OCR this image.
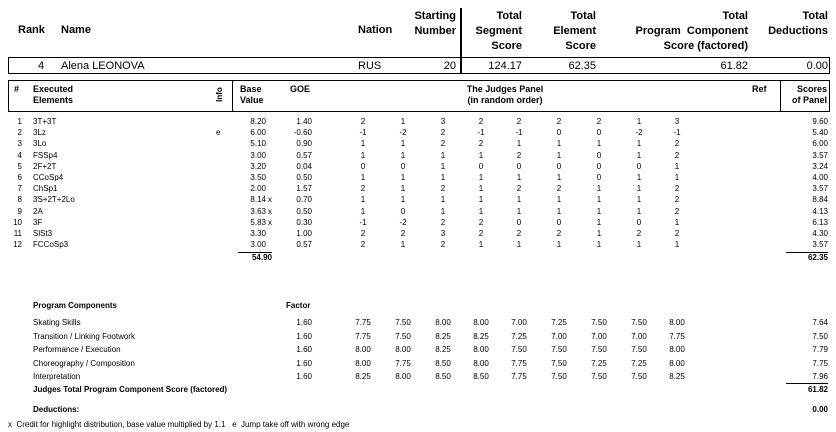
Rank Name	Nation
Starting
Number
Total
Segment
Score
Total
Element
Score
Total
Program  Component
Score (factored)
Total
Deductions
4 Alena LEONOVA	RUS	20	124.17	62.35	61.82	0.00
# Executed
Elements	Info Base
Value
GOE	The Judges Panel
(in random order)
Ref	Scores
of Panel
1 3T+3T	8.20	1.40	2	1	3	2	2	2	2	1	3	9.60
2 3Lz	e	6.00	-0.60	-1	-2	2	-1	-1	0	0	-2	-1	5.40
3 3Lo	5.10	0.90	1	1	2	2	1	1	1	1	2	6.00
4 FSSp4	3.00	0.57	1	1	1	1	2	1	0	1	2	3.57
5 2F+2T	3.20	0.04	0	0	1	0	0	0	0	0	1	3.24
6 CCoSp4	3.50	0.50	1	1	1	1	1	1	0	1	1	4.00
7 ChSp1	2.00	1.57	2	1	2	1	2	2	1	1	2	3.57
8 3S+2T+2Lo	8.14 x	0.70	1	1	1	1	1	1	1	1	2	8.84
9 2A	3.63 x	0.50	1	0	1	1	1	1	1	1	2	4.13
10 3F	5.83 x	0.30	-1	-2	2	2	0	0	1	0	1	6.13
11 SlSt3	3.30	1.00	2	2	3	2	2	2	1	2	2	4.30
12 FCCoSp3	3.00	0.57	2	1	2	1	1	1	1	1	1	3.57
54.90	62.35
Program Components	Factor
Skating Skills	1.60	7.75	7.50	8.00	8.00	7.00	7.25	7.50	7.50	8.00	7.64
Transition / Linking Footwork	1.60	7.75	7.50	8.25	8.25	7.25	7.00	7.00	7.00	7.75	7.50
Performance / Execution	1.60	8.00	8.00	8.25	8.00	7.50	7.50	7.50	7.50	8.00	7.79
Choreography / Composition	1.60	8.00	7.75	8.50	8.00	7.75	7.50	7.25	7.25	8.00	7.75
Interpretation	1.60	8.25	8.00	8.50	8.50	7.75	7.50	7.50	7.50	8.25	7.96
Judges Total Program Component Score (factored)	61.82
Deductions:	0.00
x  Credit for highlight distribution, base value multiplied by 1.1   e  Jump take off with wrong edge
